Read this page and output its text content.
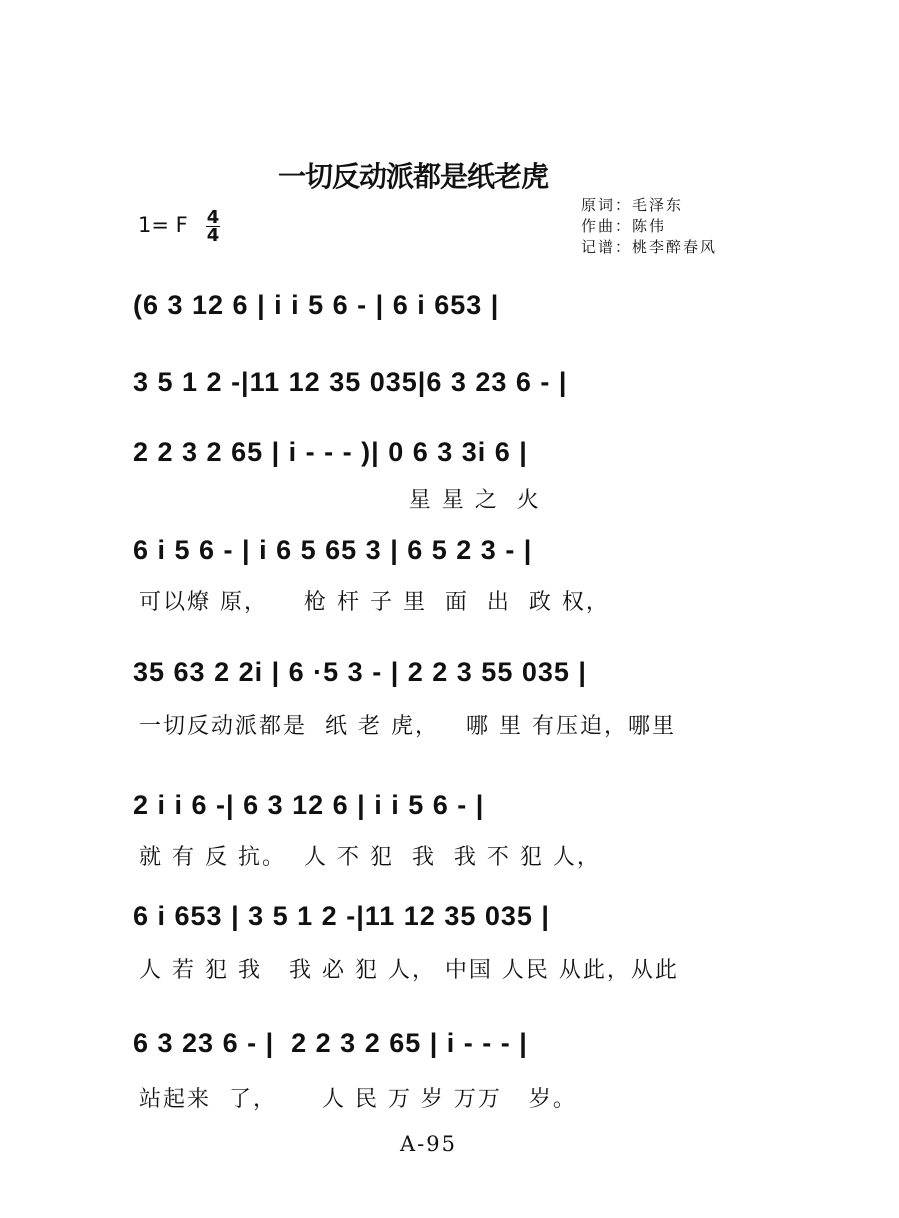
一切反动派都是纸老虎
1= F 4
4
原词：毛泽东
作曲：陈伟
记谱：桃李醉春风
(6 3 12 6 | i i 5 6 - | 6 i 653 |
3 5 1 2 -|11 12 35 035|6 3 23 6 - |
2 2 3 2 65 | i - - - )| 0 6 3 3i 6 |
星 星 之  火
6 i 5 6 - | i 6 5 65 3 | 6 5 2 3 - |
可以燎 原，    枪 杆 子 里  面  出  政 权，
35 63 2 2i | 6 ·5 3 - | 2 2 3 55 035 |
一切反动派都是  纸 老 虎，   哪 里 有压迫，哪里
2 i i 6 -| 6 3 12 6 | i i 5 6 - |
就 有 反 抗。  人 不 犯  我  我 不 犯 人，
6 i 653 | 3 5 1 2 -|11 12 35 035 |
人 若 犯 我   我 必 犯 人， 中国 人民 从此，从此
6 3 23 6 - |  2 2 3 2 65 | i - - - |
站起来  了，     人 民 万 岁 万万   岁。
A-95
